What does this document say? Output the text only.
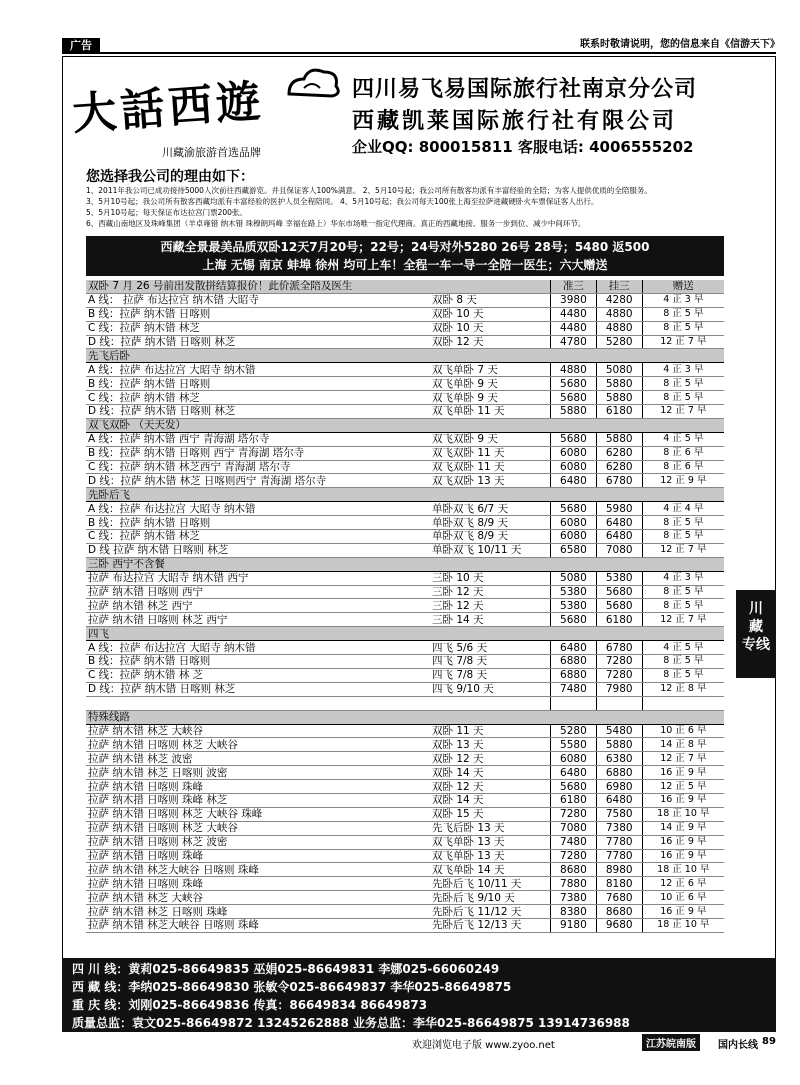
广告	联系时敬请说明，您的信息来自《信游天下》
大話西遊
川藏渝旅游首选品牌
四川易飞易国际旅行社南京分公司
西藏凯莱国际旅行社有限公司
企业QQ: 800015811 客服电话: 4006555202
您选择我公司的理由如下：
1、2011年我公司已成功接待5000人次前往西藏游览。并且保证客人100%满意。 2、5月10号起；我公司所有散客均派有丰富经验的全陪；为客人提供优质的全陪服务。
3、5月10号起；我公司所有散客西藏均派有丰富经验的医护人员全程陪同。 4、5月10号起；我公司每天100张上海至拉萨进藏硬卧火车票保证客人出行。
5、5月10号起；每天保证布达拉宫门票200张。
6、西藏山南地区及珠峰集团（羊卓雍错 纳木错 珠穆朗玛峰 幸福在路上）华东市场唯一指定代理商。真正的西藏地接、服务一步到位、减少中间环节。
西藏全景最美品质双卧12天7月20号；22号；24号对外5280 26号 28号；5480 返500
上海 无锡 南京 蚌埠 徐州 均可上车！全程一车一导一全陪一医生；六大赠送
双卧 7 月 26 号前出发散拼结算报价！此价派全陪及医生		准三	挂三	赠送
A 线： 拉萨 布达拉宫 纳木错 大昭寺	双卧 8 天	3980	4280	4 正 3 早
B 线：拉萨 纳木错 日喀则	双卧 10 天	4480	4880	8 正 5 早
C 线：拉萨 纳木错 林芝	双卧 10 天	4480	4880	8 正 5 早
D 线：拉萨 纳木错 日喀则 林芝	双卧 12 天	4780	5280	12 正 7 早
先飞后卧				
A 线：拉萨 布达拉宫 大昭寺 纳木错	双飞单卧 7 天	4880	5080	4 正 3 早
B 线：拉萨 纳木错 日喀则	双飞单卧 9 天	5680	5880	8 正 5 早
C 线：拉萨 纳木错 林芝	双飞单卧 9 天	5680	5880	8 正 5 早
D 线：拉萨 纳木错 日喀则 林芝	双飞单卧 11 天	5880	6180	12 正 7 早
双飞双卧 （天天发）				
A 线：拉萨 纳木错 西宁 青海湖 塔尔寺	双飞双卧 9 天	5680	5880	4 正 5 早
B 线：拉萨 纳木错 日喀则 西宁 青海湖 塔尔寺	双飞双卧 11 天	6080	6280	8 正 6 早
C 线：拉萨 纳木错 林芝西宁 青海湖 塔尔寺	双飞双卧 11 天	6080	6280	8 正 6 早
D 线：拉萨 纳木错 林芝 日喀则西宁 青海湖 塔尔寺	双飞双卧 13 天	6480	6780	12 正 9 早
先卧后飞				
A 线：拉萨 布达拉宫 大昭寺 纳木错	单卧双飞 6/7 天	5680	5980	4 正 4 早
B 线：拉萨 纳木错 日喀则	单卧双飞 8/9 天	6080	6480	8 正 5 早
C 线：拉萨 纳木错 林芝	单卧双飞 8/9 天	6080	6480	8 正 5 早
D 线 拉萨 纳木错 日喀则 林芝	单卧双飞 10/11 天	6580	7080	12 正 7 早
三卧 西宁不含餐				
拉萨 布达拉宫 大昭寺 纳木错 西宁	三卧 10 天	5080	5380	4 正 3 早
拉萨 纳木错 日喀则 西宁	三卧 12 天	5380	5680	8 正 5 早
拉萨 纳木错 林芝 西宁	三卧 12 天	5380	5680	8 正 5 早
拉萨 纳木错 日喀则 林芝 西宁	三卧 14 天	5680	6180	12 正 7 早
四飞				
A 线：拉萨 布达拉宫 大昭寺 纳木错	四飞 5/6 天	6480	6780	4 正 5 早
B 线：拉萨 纳木错 日喀则	四飞 7/8 天	6880	7280	8 正 5 早
C 线：拉萨 纳木错 林 芝	四飞 7/8 天	6880	7280	8 正 5 早
D 线：拉萨 纳木错 日喀则 林芝	四飞 9/10 天	7480	7980	12 正 8 早

特殊线路				
拉萨 纳木错 林芝 大峡谷	双卧 11 天	5280	5480	10 正 6 早
拉萨 纳木错 日喀则 林芝 大峡谷	双卧 13 天	5580	5880	14 正 8 早
拉萨 纳木错 林芝 波密	双卧 12 天	6080	6380	12 正 7 早
拉萨 纳木错 林芝 日喀则 波密	双卧 14 天	6480	6880	16 正 9 早
拉萨 纳木错 日喀则 珠峰	双卧 12 天	5680	6980	12 正 5 早
拉萨 纳木措 日喀则 珠峰 林芝	双卧 14 天	6180	6480	16 正 9 早
拉萨 纳木错 日喀则 林芝 大峡谷 珠峰	双卧 15 天	7280	7580	18 正 10 早
拉萨 纳木错 日喀则 林芝 大峡谷	先飞后卧 13 天	7080	7380	14 正 9 早
拉萨 纳木错 日喀则 林芝 波密	双飞单卧 13 天	7480	7780	16 正 9 早
拉萨 纳木错 日喀则 珠峰	双飞单卧 13 天	7280	7780	16 正 9 早
拉萨 纳木错 林芝大峡谷 日喀则 珠峰	双飞单卧 14 天	8680	8980	18 正 10 早
拉萨 纳木错 日喀则 珠峰	先卧后飞 10/11 天	7880	8180	12 正 6 早
拉萨 纳木错 林芝 大峡谷	先卧后飞 9/10 天	7380	7680	10 正 6 早
拉萨 纳木错 林芝 日喀则 珠峰	先卧后飞 11/12 天	8380	8680	16 正 9 早
拉萨 纳木错 林芝大峡谷 日喀则 珠峰	先卧后飞 12/13 天	9180	9680	18 正 10 早
川
藏
专线
四 川 线：黄莉025-86649835 巫娟025-86649831 李娜025-66060249
西 藏 线：李纳025-86649830 张敏令025-86649837 李华025-86649875
重 庆 线：刘刚025-86649836 传真：86649834 86649873
质量总监：袁文025-86649872 13245262888 业务总监：李华025-86649875 13914736988
欢迎浏览电子版 www.zyoo.net	江苏皖南版	国内长线 89
